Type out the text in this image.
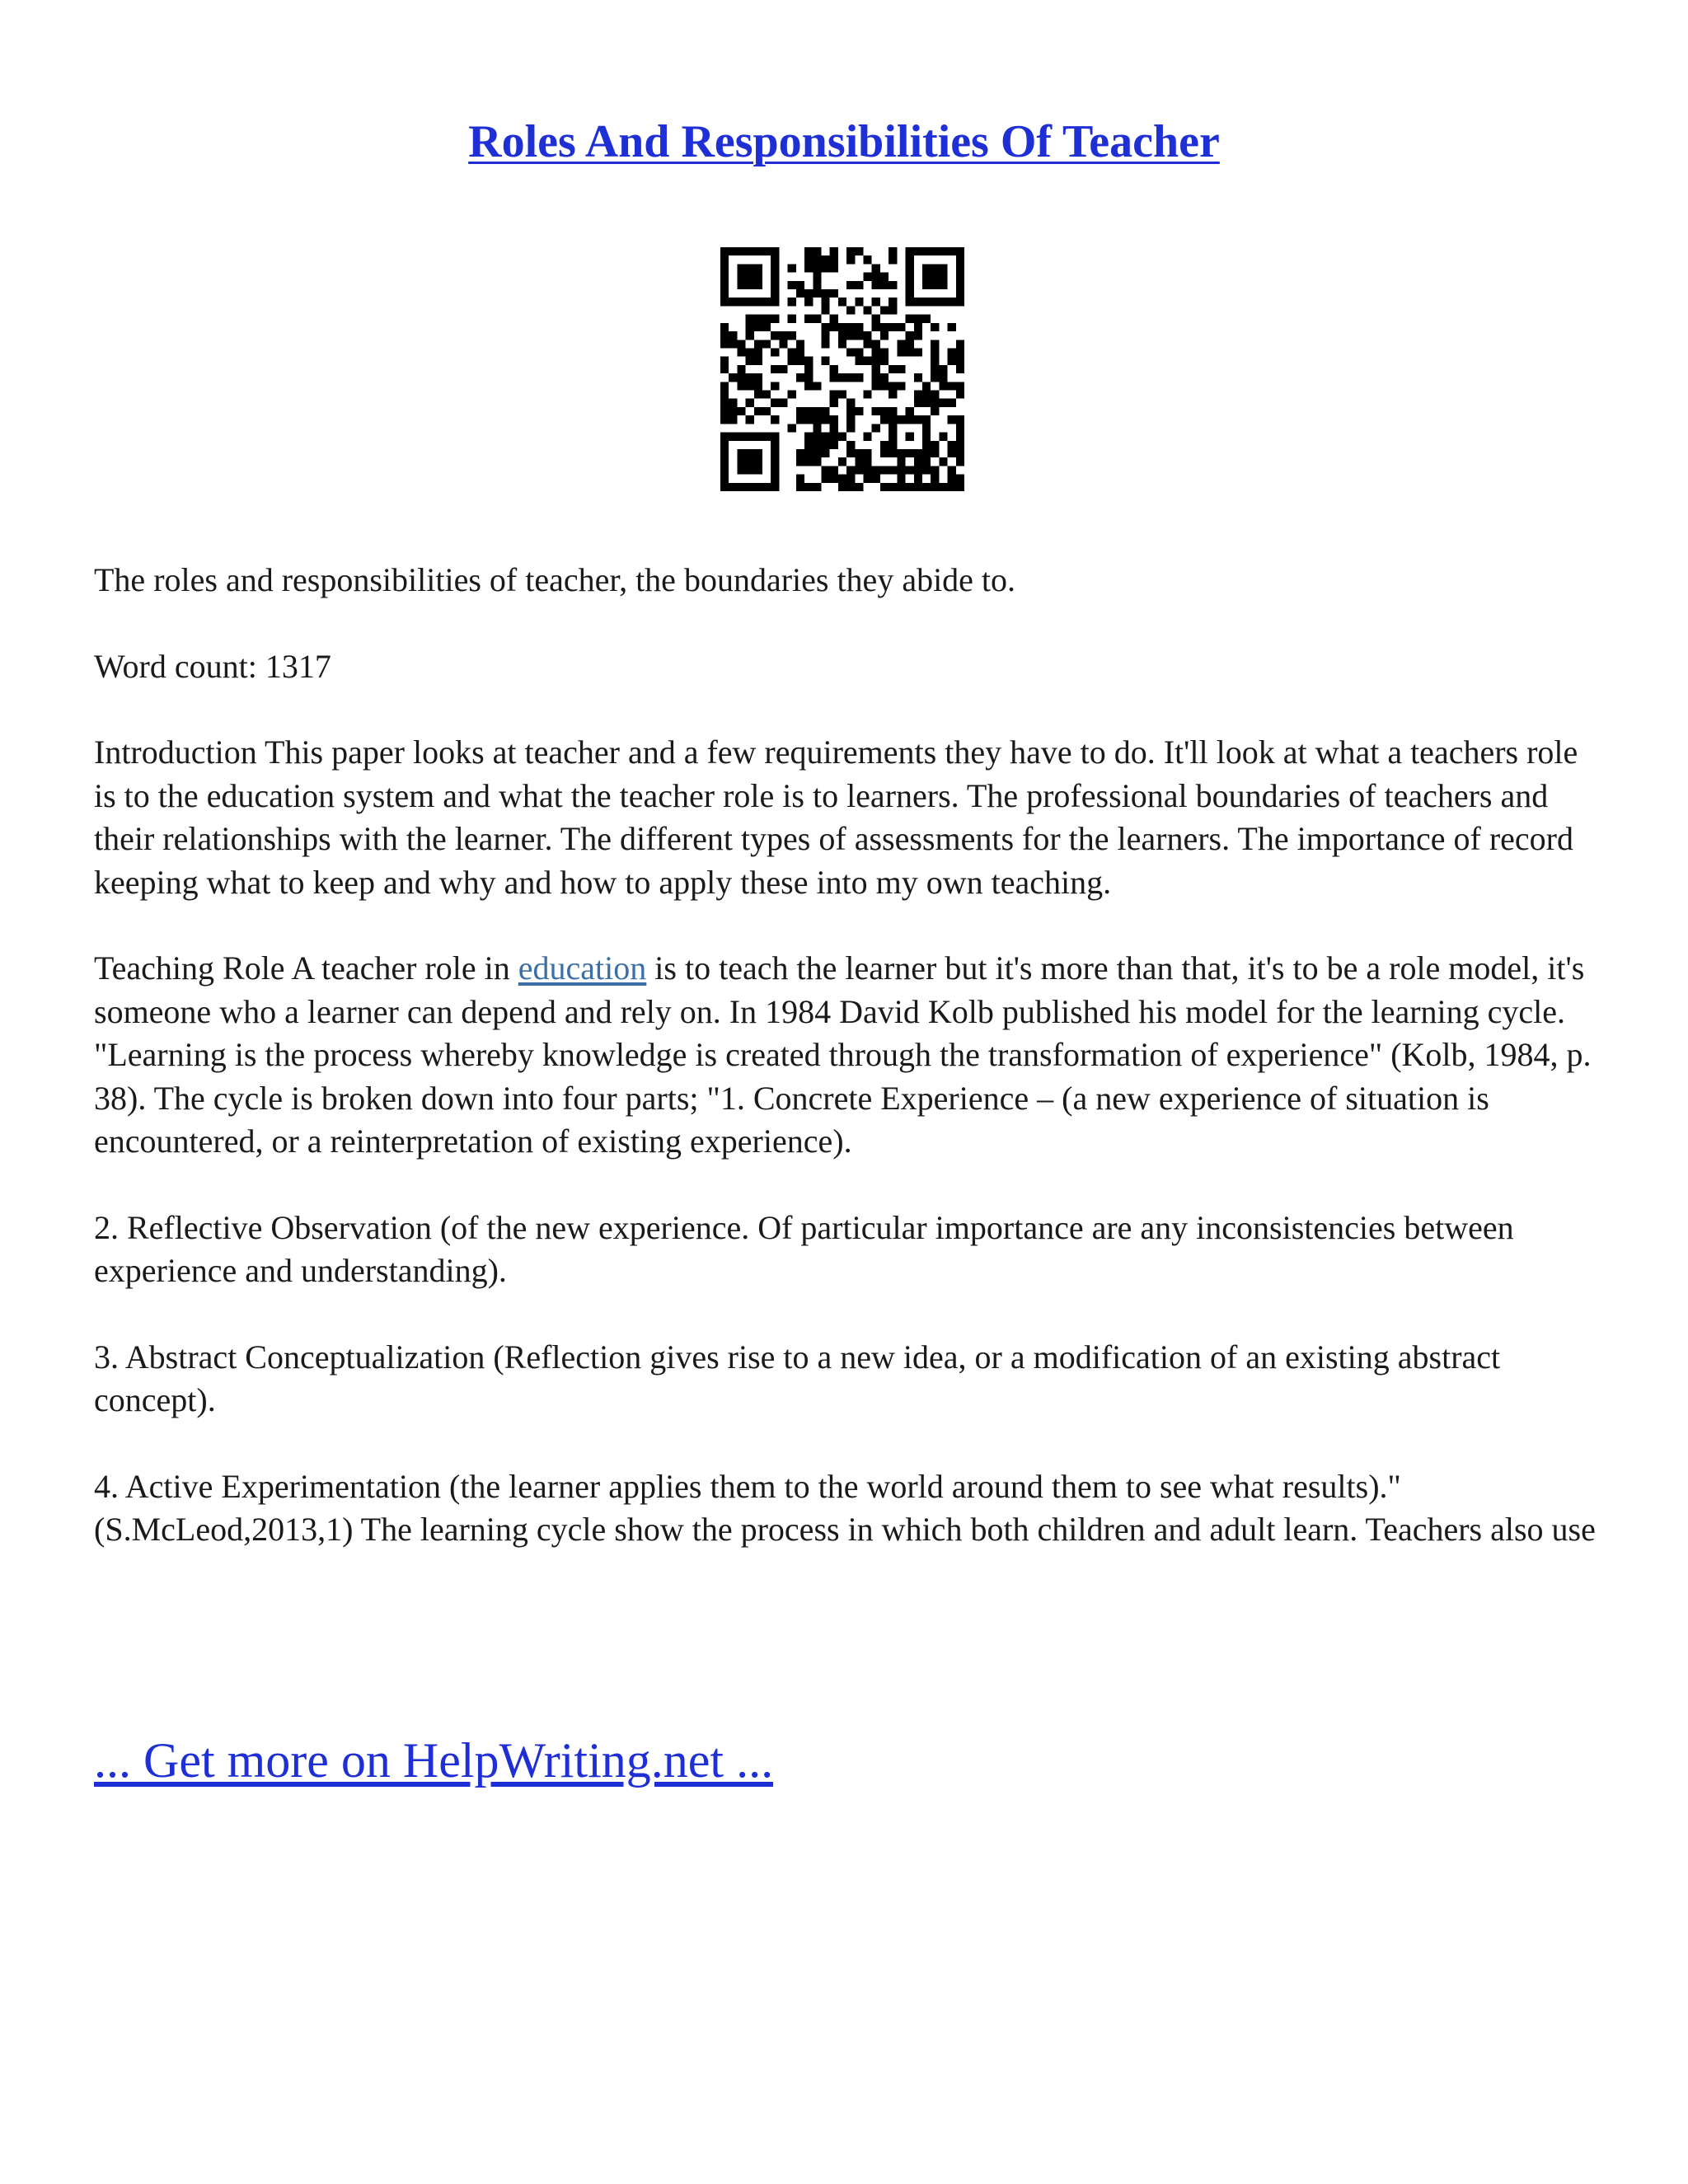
Roles And Responsibilities Of Teacher

The roles and responsibilities of teacher, the boundaries they abide to.

Word count: 1317

Introduction This paper looks at teacher and a few requirements they have to do. It'll look at what a teachers role is to the education system and what the teacher role is to learners. The professional boundaries of teachers and their relationships with the learner. The different types of assessments for the learners. The importance of record keeping what to keep and why and how to apply these into my own teaching.

Teaching Role A teacher role in education is to teach the learner but it's more than that, it's to be a role model, it's someone who a learner can depend and rely on. In 1984 David Kolb published his model for the learning cycle. "Learning is the process whereby knowledge is created through the transformation of experience" (Kolb, 1984, p. 38). The cycle is broken down into four parts; "1. Concrete Experience – (a new experience of situation is encountered, or a reinterpretation of existing experience).

2. Reflective Observation (of the new experience. Of particular importance are any inconsistencies between experience and understanding).

3. Abstract Conceptualization (Reflection gives rise to a new idea, or a modification of an existing abstract concept).

4. Active Experimentation (the learner applies them to the world around them to see what results)." (S.McLeod,2013,1) The learning cycle show the process in which both children and adult learn. Teachers also use

... Get more on HelpWriting.net ...
